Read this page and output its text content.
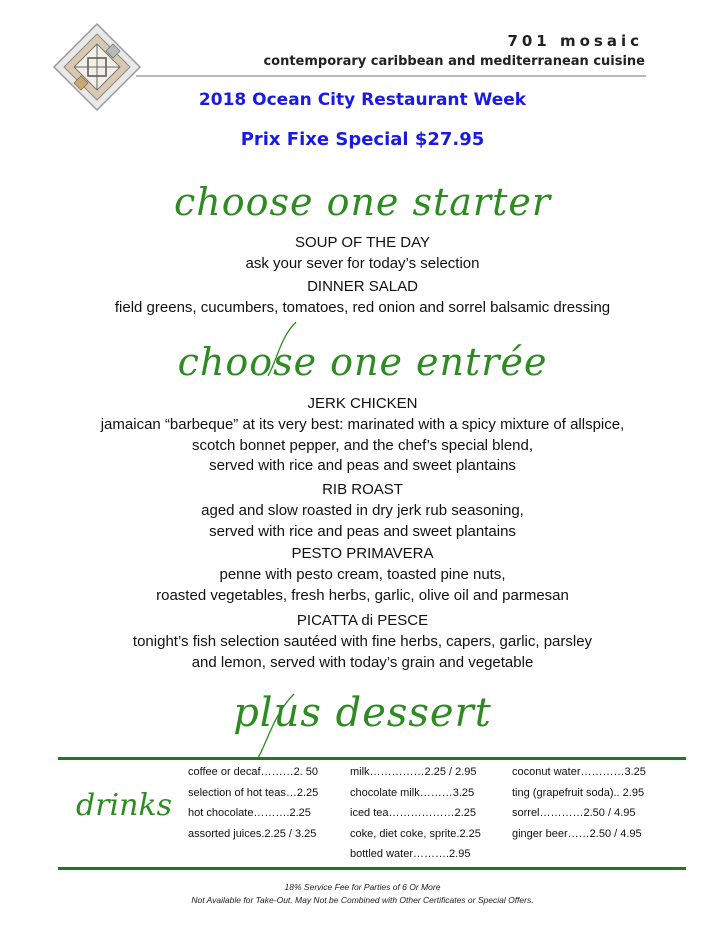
701 mosaic
contemporary caribbean and mediterranean cuisine
2018 Ocean City Restaurant Week
Prix Fixe Special $27.95
choose one starter
SOUP OF THE DAY
ask your sever for today’s selection
DINNER SALAD
field greens, cucumbers, tomatoes, red onion and sorrel balsamic dressing
choose one entrée
JERK CHICKEN
jamaican “barbeque” at its very best: marinated with a spicy mixture of allspice,
scotch bonnet pepper, and the chef’s special blend,
served with rice and peas and sweet plantains
RIB ROAST
aged and slow roasted in dry jerk rub seasoning,
served with rice and peas and sweet plantains
PESTO PRIMAVERA
penne with pesto cream, toasted pine nuts,
roasted vegetables, fresh herbs, garlic, olive oil and parmesan
PICATTA di PESCE
tonight’s fish selection sautéed with fine herbs, capers, garlic, parsley
and lemon, served with today’s grain and vegetable
plus dessert
drinks
coffee or decaf………2. 50
selection of hot teas…2.25
hot chocolate……….2.25
assorted juices.2.25 / 3.25
milk……………2.25 / 2.95
chocolate milk………3.25
iced tea………………2.25
coke, diet coke, sprite.2.25
bottled water……….2.95
coconut water…………3.25
ting (grapefruit soda).. 2.95
sorrel…………2.50 / 4.95
ginger beer……2.50 / 4.95
18% Service Fee for Parties of 6 Or More
Not Available for Take-Out. May Not be Combined with Other Certificates or Special Offers.
